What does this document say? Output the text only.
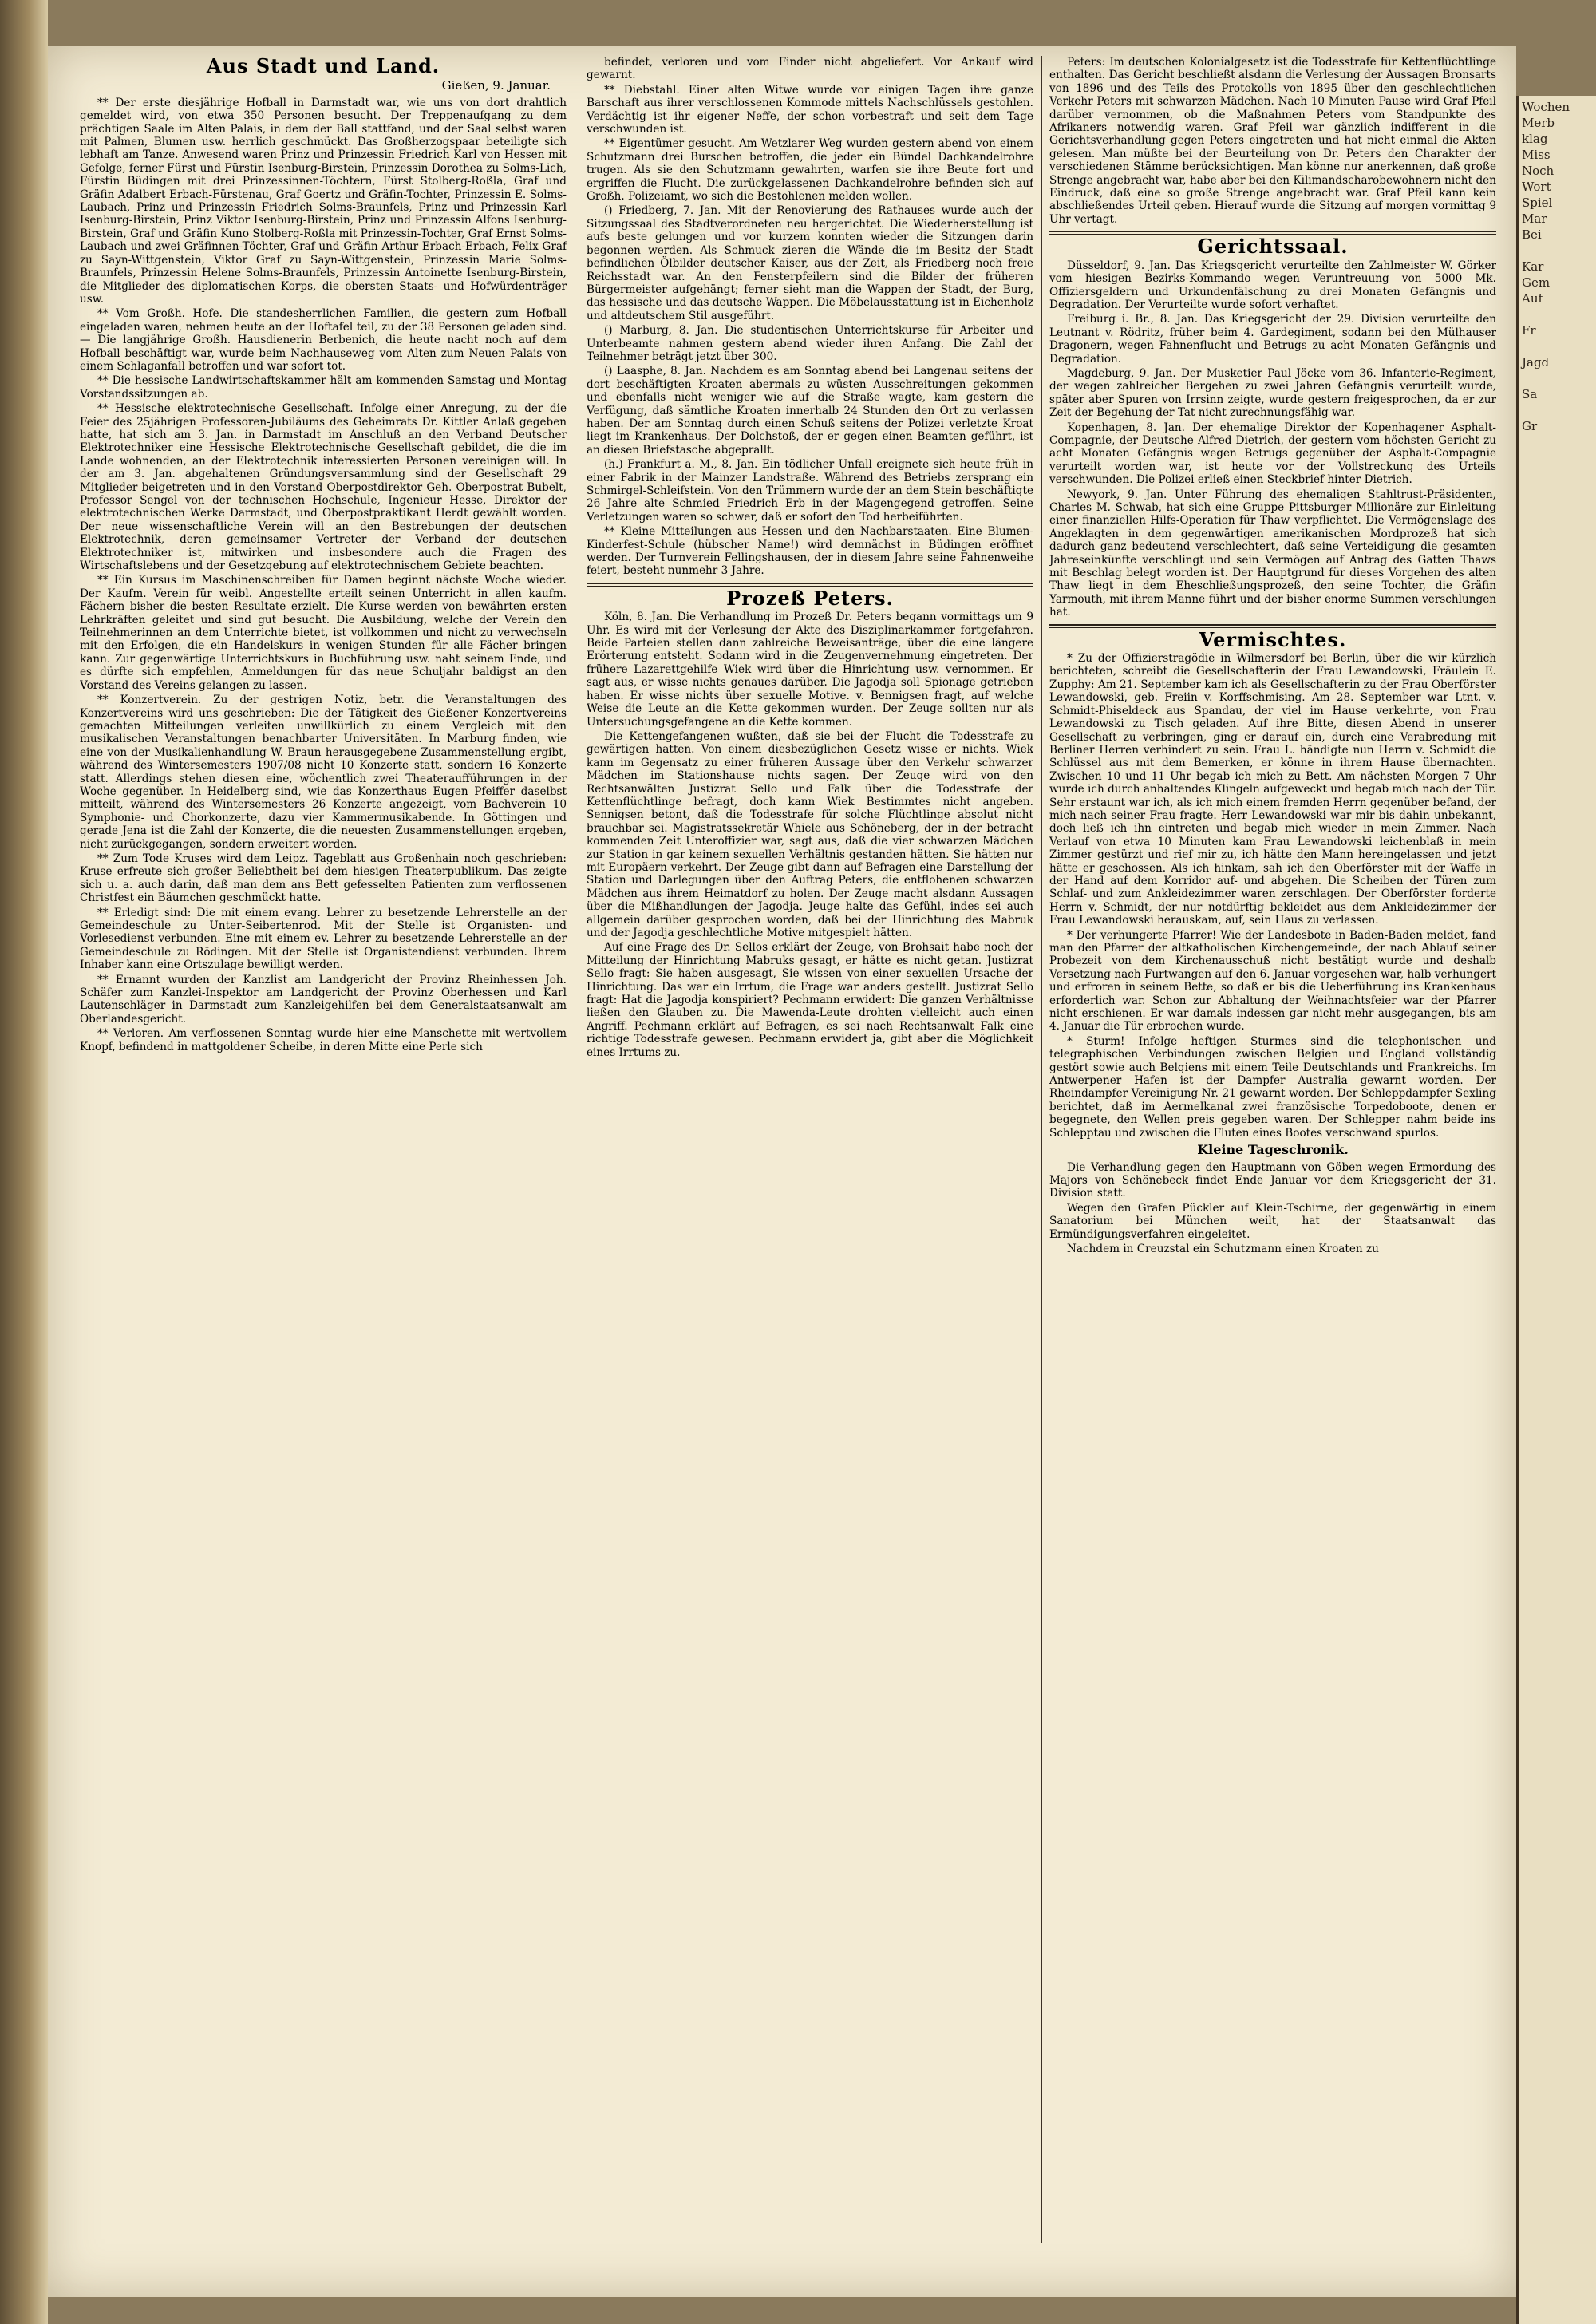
Aus Stadt und Land.
Gießen, 9. Januar.

** Der erste diesjährige Hofball in Darmstadt war, wie uns von dort drahtlich gemeldet wird, von etwa 350 Personen besucht. Der Treppenaufgang zu dem prächtigen Saale im Alten Palais, in dem der Ball stattfand, und der Saal selbst waren mit Palmen, Blumen usw. herrlich geschmückt. Das Großherzogspaar beteiligte sich lebhaft am Tanze. Anwesend waren Prinz und Prinzessin Friedrich Karl von Hessen mit Gefolge, ferner Fürst und Fürstin Isenburg-Birstein, Prinzessin Dorothea zu Solms-Lich, Fürstin Büdingen mit drei Prinzessinnen-Töchtern, Fürst Stolberg-Roßla, Graf und Gräfin Adalbert Erbach-Fürstenau, Graf Goertz und Gräfin-Tochter, Prinzessin E. Solms-Laubach, Prinz und Prinzessin Friedrich Solms-Braunfels, Prinz und Prinzessin Karl Isenburg-Birstein, Prinz Viktor Isenburg-Birstein, Prinz und Prinzessin Alfons Isenburg-Birstein, Graf und Gräfin Kuno Stolberg-Roßla mit Prinzessin-Tochter, Graf Ernst Solms-Laubach und zwei Gräfinnen-Töchter, Graf und Gräfin Arthur Erbach-Erbach, Felix Graf zu Sayn-Wittgenstein, Viktor Graf zu Sayn-Wittgenstein, Prinzessin Marie Solms-Braunfels, Prinzessin Helene Solms-Braunfels, Prinzessin Antoinette Isenburg-Birstein, die Mitglieder des diplomatischen Korps, die obersten Staats- und Hofwürdenträger usw.

** Vom Großh. Hofe. Die standesherrlichen Familien, die gestern zum Hofball eingeladen waren, nehmen heute an der Hoftafel teil, zu der 38 Personen geladen sind. — Die langjährige Großh. Hausdienerin Berbenich, die heute nacht noch auf dem Hofball beschäftigt war, wurde beim Nachhauseweg vom Alten zum Neuen Palais von einem Schlaganfall betroffen und war sofort tot.

** Die hessische Landwirtschaftskammer hält am kommenden Samstag und Montag Vorstandssitzungen ab.

** Hessische elektrotechnische Gesellschaft. Infolge einer Anregung, zu der die Feier des 25jährigen Professoren-Jubiläums des Geheimrats Dr. Kittler Anlaß gegeben hatte, hat sich am 3. Jan. in Darmstadt im Anschluß an den Verband Deutscher Elektrotechniker eine Hessische Elektrotechnische Gesellschaft gebildet, die die im Lande wohnenden, an der Elektrotechnik interessierten Personen vereinigen will. In der am 3. Jan. abgehaltenen Gründungsversammlung sind der Gesellschaft 29 Mitglieder beigetreten und in den Vorstand Oberpostdirektor Geh. Oberpostrat Bubelt, Professor Sengel von der technischen Hochschule, Ingenieur Hesse, Direktor der elektrotechnischen Werke Darmstadt, und Oberpostpraktikant Herdt gewählt worden. Der neue wissenschaftliche Verein will an den Bestrebungen der deutschen Elektrotechnik, deren gemeinsamer Vertreter der Verband der deutschen Elektrotechniker ist, mitwirken und insbesondere auch die Fragen des Wirtschaftslebens und der Gesetzgebung auf elektrotechnischem Gebiete beachten.

** Ein Kursus im Maschinenschreiben für Damen beginnt nächste Woche wieder. Der Kaufm. Verein für weibl. Angestellte erteilt seinen Unterricht in allen kaufm. Fächern bisher die besten Resultate erzielt. Die Kurse werden von bewährten ersten Lehrkräften geleitet und sind gut besucht. Die Ausbildung, welche der Verein den Teilnehmerinnen an dem Unterrichte bietet, ist vollkommen und nicht zu verwechseln mit den Erfolgen, die ein Handelskurs in wenigen Stunden für alle Fächer bringen kann. Zur gegenwärtige Unterrichtskurs in Buchführung usw. naht seinem Ende, und es dürfte sich empfehlen, Anmeldungen für das neue Schuljahr baldigst an den Vorstand des Vereins gelangen zu lassen.

** Konzertverein. Zu der gestrigen Notiz, betr. die Veranstaltungen des Konzertvereins wird uns geschrieben: Die der Tätigkeit des Gießener Konzertvereins gemachten Mitteilungen verleiten unwillkürlich zu einem Vergleich mit den musikalischen Veranstaltungen benachbarter Universitäten. In Marburg finden, wie eine von der Musikalienhandlung W. Braun herausgegebene Zusammenstellung ergibt, während des Wintersemesters 1907/08 nicht 10 Konzerte statt, sondern 16 Konzerte statt. Allerdings stehen diesen eine, wöchentlich zwei Theateraufführungen in der Woche gegenüber. In Heidelberg sind, wie das Konzerthaus Eugen Pfeiffer daselbst mitteilt, während des Wintersemesters 26 Konzerte angezeigt, vom Bachverein 10 Symphonie- und Chorkonzerte, dazu vier Kammermusikabende. In Göttingen und gerade Jena ist die Zahl der Konzerte, die die neuesten Zusammenstellungen ergeben, nicht zurückgegangen, sondern erweitert worden.

** Zum Tode Kruses wird dem Leipz. Tageblatt aus Großenhain noch geschrieben: Kruse erfreute sich großer Beliebtheit bei dem hiesigen Theaterpublikum. Das zeigte sich u. a. auch darin, daß man dem ans Bett gefesselten Patienten zum verflossenen Christfest ein Bäumchen geschmückt hatte.

** Erledigt sind: Die mit einem evang. Lehrer zu besetzende Lehrerstelle an der Gemeindeschule zu Unter-Seibertenrod. Mit der Stelle ist Organisten- und Vorlesedienst verbunden. Eine mit einem ev. Lehrer zu besetzende Lehrerstelle an der Gemeindeschule zu Rödingen. Mit der Stelle ist Organistendienst verbunden. Ihrem Inhaber kann eine Ortszulage bewilligt werden.

** Ernannt wurden der Kanzlist am Landgericht der Provinz Rheinhessen Joh. Schäfer zum Kanzlei-Inspektor am Landgericht der Provinz Oberhessen und Karl Lautenschläger in Darmstadt zum Kanzleigehilfen bei dem Generalstaatsanwalt am Oberlandesgericht.

** Verloren. Am verflossenen Sonntag wurde hier eine Manschette mit wertvollem Knopf, befindend in mattgoldener Scheibe, in deren Mitte eine Perle sich

befindet, verloren und vom Finder nicht abgeliefert. Vor Ankauf wird gewarnt.

** Diebstahl. Einer alten Witwe wurde vor einigen Tagen ihre ganze Barschaft aus ihrer verschlossenen Kommode mittels Nachschlüssels gestohlen. Verdächtig ist ihr eigener Neffe, der schon vorbestraft und seit dem Tage verschwunden ist.

** Eigentümer gesucht. Am Wetzlarer Weg wurden gestern abend von einem Schutzmann drei Burschen betroffen, die jeder ein Bündel Dachkandelrohre trugen. Als sie den Schutzmann gewahrten, warfen sie ihre Beute fort und ergriffen die Flucht. Die zurückgelassenen Dachkandelrohre befinden sich auf Großh. Polizeiamt, wo sich die Bestohlenen melden wollen.

() Friedberg, 7. Jan. Mit der Renovierung des Rathauses wurde auch der Sitzungssaal des Stadtverordneten neu hergerichtet. Die Wiederherstellung ist aufs beste gelungen und vor kurzem konnten wieder die Sitzungen darin begonnen werden. Als Schmuck zieren die Wände die im Besitz der Stadt befindlichen Ölbilder deutscher Kaiser, aus der Zeit, als Friedberg noch freie Reichsstadt war. An den Fensterpfeilern sind die Bilder der früheren Bürgermeister aufgehängt; ferner sieht man die Wappen der Stadt, der Burg, das hessische und das deutsche Wappen. Die Möbelausstattung ist in Eichenholz und altdeutschem Stil ausgeführt.

() Marburg, 8. Jan. Die studentischen Unterrichtskurse für Arbeiter und Unterbeamte nahmen gestern abend wieder ihren Anfang. Die Zahl der Teilnehmer beträgt jetzt über 300.

() Laasphe, 8. Jan. Nachdem es am Sonntag abend bei Langenau seitens der dort beschäftigten Kroaten abermals zu wüsten Ausschreitungen gekommen und ebenfalls nicht weniger wie auf die Straße wagte, kam gestern die Verfügung, daß sämtliche Kroaten innerhalb 24 Stunden den Ort zu verlassen haben. Der am Sonntag durch einen Schuß seitens der Polizei verletzte Kroat liegt im Krankenhaus. Der Dolchstoß, der er gegen einen Beamten geführt, ist an diesen Briefstasche abgeprallt.

(h.) Frankfurt a. M., 8. Jan. Ein tödlicher Unfall ereignete sich heute früh in einer Fabrik in der Mainzer Landstraße. Während des Betriebs zersprang ein Schmirgel-Schleifstein. Von den Trümmern wurde der an dem Stein beschäftigte 26 Jahre alte Schmied Friedrich Erb in der Magengegend getroffen. Seine Verletzungen waren so schwer, daß er sofort den Tod herbeiführten.

** Kleine Mitteilungen aus Hessen und den Nachbarstaaten. Eine Blumen-Kinderfest-Schule (hübscher Name!) wird demnächst in Büdingen eröffnet werden. Der Turnverein Fellingshausen, der in diesem Jahre seine Fahnenweihe feiert, besteht nunmehr 3 Jahre.

Prozeß Peters.

Köln, 8. Jan. Die Verhandlung im Prozeß Dr. Peters begann vormittags um 9 Uhr. Es wird mit der Verlesung der Akte des Disziplinarkammer fortgefahren. Beide Parteien stellen dann zahlreiche Beweisanträge, über die eine längere Erörterung entsteht. Sodann wird in die Zeugenvernehmung eingetreten. Der frühere Lazarettgehilfe Wiek wird über die Hinrichtung usw. vernommen. Er sagt aus, er wisse nichts genaues darüber. Die Jagodja soll Spionage getrieben haben. Er wisse nichts über sexuelle Motive. v. Bennigsen fragt, auf welche Weise die Leute an die Kette gekommen wurden. Der Zeuge sollten nur als Untersuchungsgefangene an die Kette kommen.

Die Kettengefangenen wußten, daß sie bei der Flucht die Todesstrafe zu gewärtigen hatten. Von einem diesbezüglichen Gesetz wisse er nichts. Wiek kann im Gegensatz zu einer früheren Aussage über den Verkehr schwarzer Mädchen im Stationshause nichts sagen. Der Zeuge wird von den Rechtsanwälten Justizrat Sello und Falk über die Todesstrafe der Kettenflüchtlinge befragt, doch kann Wiek Bestimmtes nicht angeben. Sennigsen betont, daß die Todesstrafe für solche Flüchtlinge absolut nicht brauchbar sei. Magistratssekretär Whiele aus Schöneberg, der in der betracht kommenden Zeit Unteroffizier war, sagt aus, daß die vier schwarzen Mädchen zur Station in gar keinem sexuellen Verhältnis gestanden hätten. Sie hätten nur mit Europäern verkehrt. Der Zeuge gibt dann auf Befragen eine Darstellung der Station und Darlegungen über den Auftrag Peters, die entflohenen schwarzen Mädchen aus ihrem Heimatdorf zu holen. Der Zeuge macht alsdann Aussagen über die Mißhandlungen der Jagodja. Jeuge halte das Gefühl, indes sei auch allgemein darüber gesprochen worden, daß bei der Hinrichtung des Mabruk und der Jagodja geschlechtliche Motive mitgespielt hätten.

Auf eine Frage des Dr. Sellos erklärt der Zeuge, von Brohsait habe noch der Mitteilung der Hinrichtung Mabruks gesagt, er hätte es nicht getan. Justizrat Sello fragt: Sie haben ausgesagt, Sie wissen von einer sexuellen Ursache der Hinrichtung. Das war ein Irrtum, die Frage war anders gestellt. Justizrat Sello fragt: Hat die Jagodja konspiriert? Pechmann erwidert: Die ganzen Verhältnisse ließen den Glauben zu. Die Mawenda-Leute drohten vielleicht auch einen Angriff. Pechmann erklärt auf Befragen, es sei nach Rechtsanwalt Falk eine richtige Todesstrafe gewesen. Pechmann erwidert ja, gibt aber die Möglichkeit eines Irrtums zu.

Peters: Im deutschen Kolonialgesetz ist die Todesstrafe für Kettenflüchtlinge enthalten. Das Gericht beschließt alsdann die Verlesung der Aussagen Bronsarts von 1896 und des Teils des Protokolls von 1895 über den geschlechtlichen Verkehr Peters mit schwarzen Mädchen. Nach 10 Minuten Pause wird Graf Pfeil darüber vernommen, ob die Maßnahmen Peters vom Standpunkte des Afrikaners notwendig waren. Graf Pfeil war gänzlich indifferent in die Gerichtsverhandlung gegen Peters eingetreten und hat nicht einmal die Akten gelesen. Man müßte bei der Beurteilung von Dr. Peters den Charakter der verschiedenen Stämme berücksichtigen. Man könne nur anerkennen, daß große Strenge angebracht war, habe aber bei den Kilimandscharobewohnern nicht den Eindruck, daß eine so große Strenge angebracht war. Graf Pfeil kann kein abschließendes Urteil geben. Hierauf wurde die Sitzung auf morgen vormittag 9 Uhr vertagt.

Gerichtssaal.

Düsseldorf, 9. Jan. Das Kriegsgericht verurteilte den Zahlmeister W. Görker vom hiesigen Bezirks-Kommando wegen Veruntreuung von 5000 Mk. Offiziersgeldern und Urkundenfälschung zu drei Monaten Gefängnis und Degradation. Der Verurteilte wurde sofort verhaftet.

Freiburg i. Br., 8. Jan. Das Kriegsgericht der 29. Division verurteilte den Leutnant v. Rödritz, früher beim 4. Gardegiment, sodann bei den Mülhauser Dragonern, wegen Fahnenflucht und Betrugs zu acht Monaten Gefängnis und Degradation.

Magdeburg, 9. Jan. Der Musketier Paul Jöcke vom 36. Infanterie-Regiment, der wegen zahlreicher Bergehen zu zwei Jahren Gefängnis verurteilt wurde, später aber Spuren von Irrsinn zeigte, wurde gestern freigesprochen, da er zur Zeit der Begehung der Tat nicht zurechnungsfähig war.

Kopenhagen, 8. Jan. Der ehemalige Direktor der Kopenhagener Asphalt-Compagnie, der Deutsche Alfred Dietrich, der gestern vom höchsten Gericht zu acht Monaten Gefängnis wegen Betrugs gegenüber der Asphalt-Compagnie verurteilt worden war, ist heute vor der Vollstreckung des Urteils verschwunden. Die Polizei erließ einen Steckbrief hinter Dietrich.

Newyork, 9. Jan. Unter Führung des ehemaligen Stahltrust-Präsidenten, Charles M. Schwab, hat sich eine Gruppe Pittsburger Millionäre zur Einleitung einer finanziellen Hilfs-Operation für Thaw verpflichtet. Die Vermögenslage des Angeklagten in dem gegenwärtigen amerikanischen Mordprozeß hat sich dadurch ganz bedeutend verschlechtert, daß seine Verteidigung die gesamten Jahreseinkünfte verschlingt und sein Vermögen auf Antrag des Gatten Thaws mit Beschlag belegt worden ist. Der Hauptgrund für dieses Vorgehen des alten Thaw liegt in dem Eheschließungsprozeß, den seine Tochter, die Gräfin Yarmouth, mit ihrem Manne führt und der bisher enorme Summen verschlungen hat.

Vermischtes.

* Zu der Offizierstragödie in Wilmersdorf bei Berlin, über die wir kürzlich berichteten, schreibt die Gesellschafterin der Frau Lewandowski, Fräulein E. Zupphy: Am 21. September kam ich als Gesellschafterin zu der Frau Oberförster Lewandowski, geb. Freiin v. Korffschmising. Am 28. September war Ltnt. v. Schmidt-Phiseldeck aus Spandau, der viel im Hause verkehrte, von Frau Lewandowski zu Tisch geladen. Auf ihre Bitte, diesen Abend in unserer Gesellschaft zu verbringen, ging er darauf ein, durch eine Verabredung mit Berliner Herren verhindert zu sein. Frau L. händigte nun Herrn v. Schmidt die Schlüssel aus mit dem Bemerken, er könne in ihrem Hause übernachten. Zwischen 10 und 11 Uhr begab ich mich zu Bett. Am nächsten Morgen 7 Uhr wurde ich durch anhaltendes Klingeln aufgeweckt und begab mich nach der Tür. Sehr erstaunt war ich, als ich mich einem fremden Herrn gegenüber befand, der mich nach seiner Frau fragte. Herr Lewandowski war mir bis dahin unbekannt, doch ließ ich ihn eintreten und begab mich wieder in mein Zimmer. Nach Verlauf von etwa 10 Minuten kam Frau Lewandowski leichenblaß in mein Zimmer gestürzt und rief mir zu, ich hätte den Mann hereingelassen und jetzt hätte er geschossen. Als ich hinkam, sah ich den Oberförster mit der Waffe in der Hand auf dem Korridor auf- und abgehen. Die Scheiben der Türen zum Schlaf- und zum Ankleidezimmer waren zerschlagen. Der Oberförster forderte Herrn v. Schmidt, der nur notdürftig bekleidet aus dem Ankleidezimmer der Frau Lewandowski herauskam, auf, sein Haus zu verlassen.

* Der verhungerte Pfarrer! Wie der Landesbote in Baden-Baden meldet, fand man den Pfarrer der altkatholischen Kirchengemeinde, der nach Ablauf seiner Probezeit von dem Kirchenausschuß nicht bestätigt wurde und deshalb Versetzung nach Furtwangen auf den 6. Januar vorgesehen war, halb verhungert und erfroren in seinem Bette, so daß er bis die Ueberführung ins Krankenhaus erforderlich war. Schon zur Abhaltung der Weihnachtsfeier war der Pfarrer nicht erschienen. Er war damals indessen gar nicht mehr ausgegangen, bis am 4. Januar die Tür erbrochen wurde.

* Sturm! Infolge heftigen Sturmes sind die telephonischen und telegraphischen Verbindungen zwischen Belgien und England vollständig gestört sowie auch Belgiens mit einem Teile Deutschlands und Frankreichs. Im Antwerpener Hafen ist der Dampfer Australia gewarnt worden. Der Rheindampfer Vereinigung Nr. 21 gewarnt worden. Der Schleppdampfer Sexling berichtet, daß im Aermelkanal zwei französische Torpedoboote, denen er begegnete, den Wellen preis gegeben waren. Der Schlepper nahm beide ins Schlepptau und zwischen die Fluten eines Bootes verschwand spurlos.

Kleine Tageschronik.

Die Verhandlung gegen den Hauptmann von Göben wegen Ermordung des Majors von Schönebeck findet Ende Januar vor dem Kriegsgericht der 31. Division statt.

Wegen den Grafen Pückler auf Klein-Tschirne, der gegenwärtig in einem Sanatorium bei München weilt, hat der Staatsanwalt das Ermündigungsverfahren eingeleitet.

Nachdem in Creuzstal ein Schutzmann einen Kroaten zu

Wochen
Merb
klag
Miss
Noch
Wort
Spiel
Mar
Bei

Kar
Gem
Auf

Fr

Jagd

Sa

Gr
